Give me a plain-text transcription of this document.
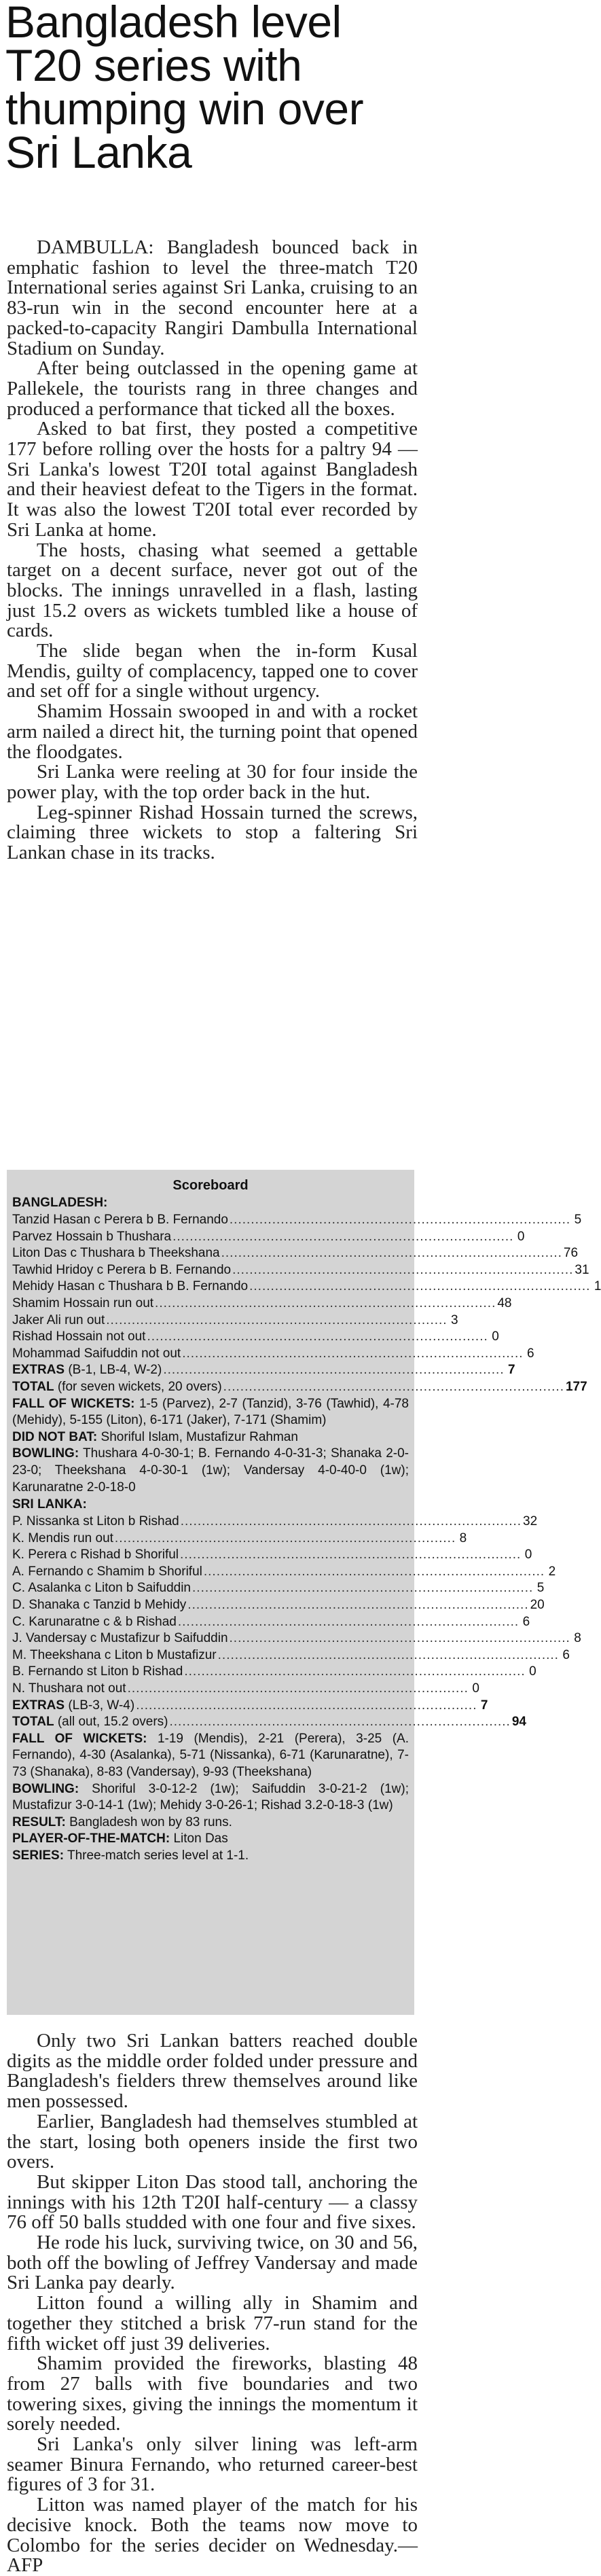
Bangladesh level T20 series with thumping win over Sri Lanka

DAMBULLA: Bangladesh bounced back in emphatic fashion to level the three-match T20 International series against Sri Lanka, cruising to an 83-run win in the second encounter here at a packed-to-capacity Rangiri Dambulla International Stadium on Sunday.

After being outclassed in the opening game at Pallekele, the tourists rang in three changes and produced a performance that ticked all the boxes.

Asked to bat first, they posted a competitive 177 before rolling over the hosts for a paltry 94 — Sri Lanka's lowest T20I total against Bangladesh and their heaviest defeat to the Tigers in the format. It was also the lowest T20I total ever recorded by Sri Lanka at home.

The hosts, chasing what seemed a gettable target on a decent surface, never got out of the blocks. The innings unravelled in a flash, lasting just 15.2 overs as wickets tumbled like a house of cards.

The slide began when the in-form Kusal Mendis, guilty of complacency, tapped one to cover and set off for a single without urgency.

Shamim Hossain swooped in and with a rocket arm nailed a direct hit, the turning point that opened the floodgates.

Sri Lanka were reeling at 30 for four inside the power play, with the top order back in the hut.

Leg-spinner Rishad Hossain turned the screws, claiming three wickets to stop a faltering Sri Lankan chase in its tracks.

Scoreboard
BANGLADESH:
Tanzid Hasan c Perera b B. Fernando ................................................................................ 5
Parvez Hossain b Thushara ................................................................................ 0
Liton Das c Thushara b Theekshana ................................................................................ 76
Tawhid Hridoy c Perera b B. Fernando ................................................................................ 31
Mehidy Hasan c Thushara b B. Fernando ................................................................................ 1
Shamim Hossain run out ................................................................................ 48
Jaker Ali run out ................................................................................ 3
Rishad Hossain not out ................................................................................ 0
Mohammad Saifuddin not out ................................................................................ 6
EXTRAS (B-1, LB-4, W-2) ................................................................................ 7
TOTAL (for seven wickets, 20 overs) ................................................................................ 177
FALL OF WICKETS: 1-5 (Parvez), 2-7 (Tanzid), 3-76 (Tawhid), 4-78 (Mehidy), 5-155 (Liton), 6-171 (Jaker), 7-171 (Shamim)
DID NOT BAT: Shoriful Islam, Mustafizur Rahman
BOWLING: Thushara 4-0-30-1; B. Fernando 4-0-31-3; Shanaka 2-0-23-0; Theekshana 4-0-30-1 (1w); Vandersay 4-0-40-0 (1w); Karunaratne 2-0-18-0
SRI LANKA:
P. Nissanka st Liton b Rishad ................................................................................ 32
K. Mendis run out ................................................................................ 8
K. Perera c Rishad b Shoriful ................................................................................ 0
A. Fernando c Shamim b Shoriful ................................................................................ 2
C. Asalanka c Liton b Saifuddin ................................................................................ 5
D. Shanaka c Tanzid b Mehidy ................................................................................ 20
C. Karunaratne c & b Rishad ................................................................................ 6
J. Vandersay c Mustafizur b Saifuddin ................................................................................ 8
M. Theekshana c Liton b Mustafizur ................................................................................ 6
B. Fernando st Liton b Rishad ................................................................................ 0
N. Thushara not out ................................................................................ 0
EXTRAS (LB-3, W-4) ................................................................................ 7
TOTAL (all out, 15.2 overs) ................................................................................ 94
FALL OF WICKETS: 1-19 (Mendis), 2-21 (Perera), 3-25 (A. Fernando), 4-30 (Asalanka), 5-71 (Nissanka), 6-71 (Karunaratne), 7-73 (Shanaka), 8-83 (Vandersay), 9-93 (Theekshana)
BOWLING: Shoriful 3-0-12-2 (1w); Saifuddin 3-0-21-2 (1w); Mustafizur 3-0-14-1 (1w); Mehidy 3-0-26-1; Rishad 3.2-0-18-3 (1w)
RESULT: Bangladesh won by 83 runs.
PLAYER-OF-THE-MATCH: Liton Das
SERIES: Three-match series level at 1-1.

Only two Sri Lankan batters reached double digits as the middle order folded under pressure and Bangladesh's fielders threw themselves around like men possessed.

Earlier, Bangladesh had themselves stumbled at the start, losing both openers inside the first two overs.

But skipper Liton Das stood tall, anchoring the innings with his 12th T20I half-century — a classy 76 off 50 balls studded with one four and five sixes.

He rode his luck, surviving twice, on 30 and 56, both off the bowling of Jeffrey Vandersay and made Sri Lanka pay dearly.

Litton found a willing ally in Shamim and together they stitched a brisk 77-run stand for the fifth wicket off just 39 deliveries.

Shamim provided the fireworks, blasting 48 from 27 balls with five boundaries and two towering sixes, giving the innings the momentum it sorely needed.

Sri Lanka's only silver lining was left-arm seamer Binura Fernando, who returned career-best figures of 3 for 31.

Litton was named player of the match for his decisive knock. Both the teams now move to Colombo for the series decider on Wednesday.—AFP
